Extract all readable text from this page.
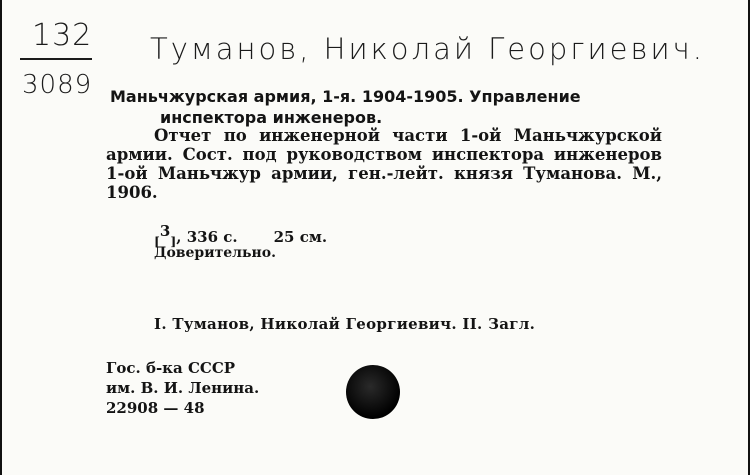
132
3089
Туманов, Николай Георгиевич.
Маньчжурская армия, 1-я. 1904-1905. Управление
инспектора инженеров.

Отчет по инженерной части 1-ой Маньчжурской армии. Сост. под руководством инспектора инженеров 1-ой Маньчжур армии, ген.-лейт. князя Туманова. М., 1906.

$_[^3_]$, 336 с. 25 см.
Доверительно.
I. Туманов, Николай Георгиевич. II. Загл.
Гос. б-ка СССР
им. В. И. Ленина.
22908 — 48
